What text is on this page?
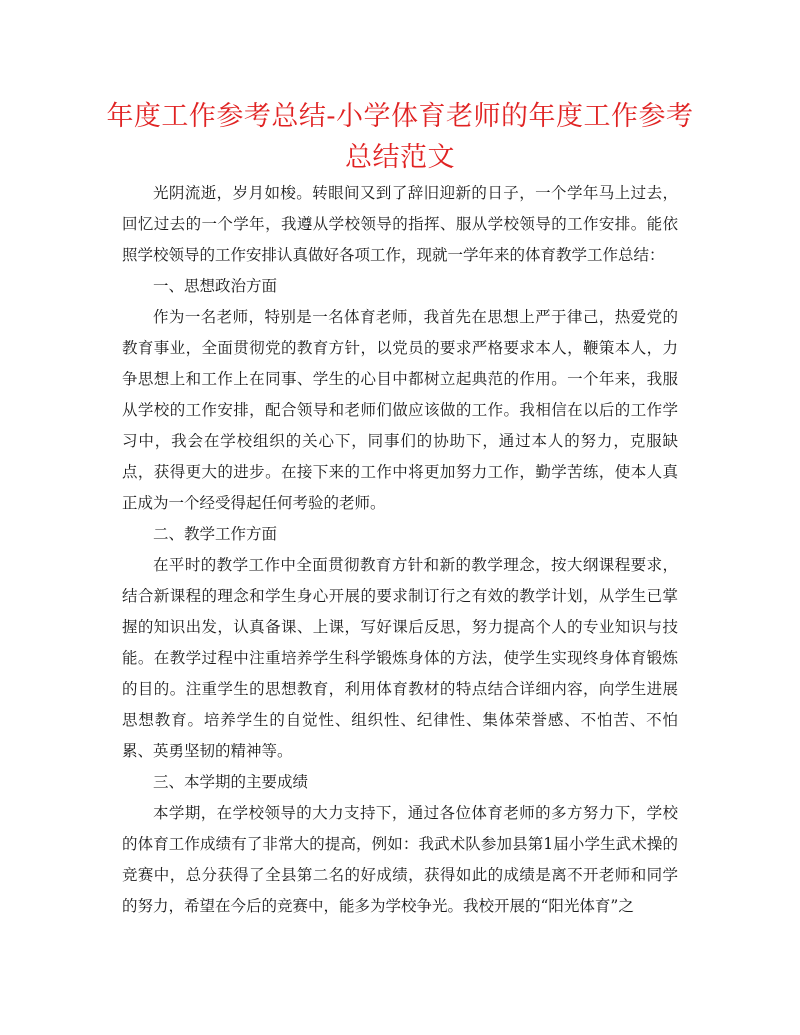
年度工作参考总结-小学体育老师的年度工作参考总结范文

光阴流逝，岁月如梭。转眼间又到了辞旧迎新的日子，一个学年马上过去，回忆过去的一个学年，我遵从学校领导的指挥、服从学校领导的工作安排。能依照学校领导的工作安排认真做好各项工作，现就一学年来的体育教学工作总结：

一、思想政治方面

作为一名老师，特别是一名体育老师，我首先在思想上严于律己，热爱党的教育事业，全面贯彻党的教育方针，以党员的要求严格要求本人，鞭策本人，力争思想上和工作上在同事、学生的心目中都树立起典范的作用。一个年来，我服从学校的工作安排，配合领导和老师们做应该做的工作。我相信在以后的工作学习中，我会在学校组织的关心下，同事们的协助下，通过本人的努力，克服缺点，获得更大的进步。在接下来的工作中将更加努力工作，勤学苦练，使本人真正成为一个经受得起任何考验的老师。

二、教学工作方面

在平时的教学工作中全面贯彻教育方针和新的教学理念，按大纲课程要求，结合新课程的理念和学生身心开展的要求制订行之有效的教学计划，从学生已掌握的知识出发，认真备课、上课，写好课后反思，努力提高个人的专业知识与技能。在教学过程中注重培养学生科学锻炼身体的方法，使学生实现终身体育锻炼的目的。注重学生的思想教育，利用体育教材的特点结合详细内容，向学生进展思想教育。培养学生的自觉性、组织性、纪律性、集体荣誉感、不怕苦、不怕累、英勇坚韧的精神等。

三、本学期的主要成绩

本学期，在学校领导的大力支持下，通过各位体育老师的多方努力下，学校的体育工作成绩有了非常大的提高，例如：我武术队参加县第1届小学生武术操的竞赛中，总分获得了全县第二名的好成绩，获得如此的成绩是离不开老师和同学的努力，希望在今后的竞赛中，能多为学校争光。我校开展的“阳光体育”之
